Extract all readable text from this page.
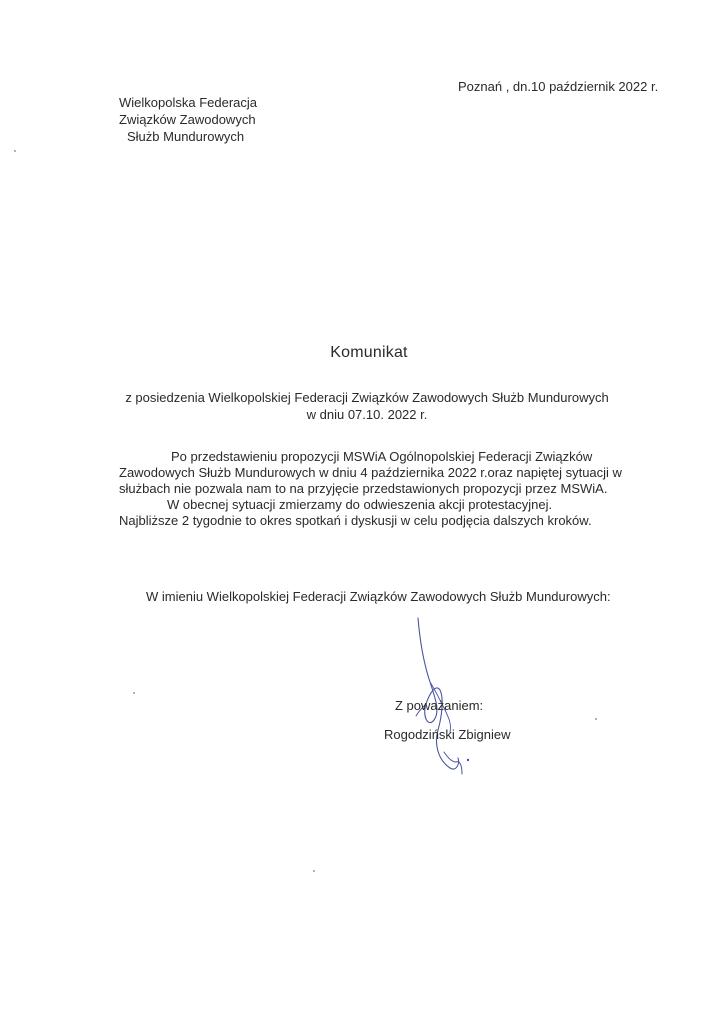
Poznań , dn.10 październik 2022 r.
Wielkopolska Federacja
Związków Zawodowych
Służb Mundurowych
Komunikat
z posiedzenia Wielkopolskiej Federacji Związków Zawodowych Służb Mundurowych
w dniu 07.10. 2022 r.
Po przedstawieniu propozycji MSWiA Ogólnopolskiej Federacji Związków
Zawodowych Służb Mundurowych w dniu 4 października 2022 r.oraz napiętej sytuacji w
służbach nie pozwala nam to na przyjęcie przedstawionych propozycji przez MSWiA.
W obecnej sytuacji zmierzamy do odwieszenia akcji protestacyjnej.
Najbliższe 2 tygodnie to okres spotkań i dyskusji w celu podjęcia dalszych kroków.
W imieniu Wielkopolskiej Federacji Związków Zawodowych Służb Mundurowych:
Z poważaniem:
Rogodziński Zbigniew
